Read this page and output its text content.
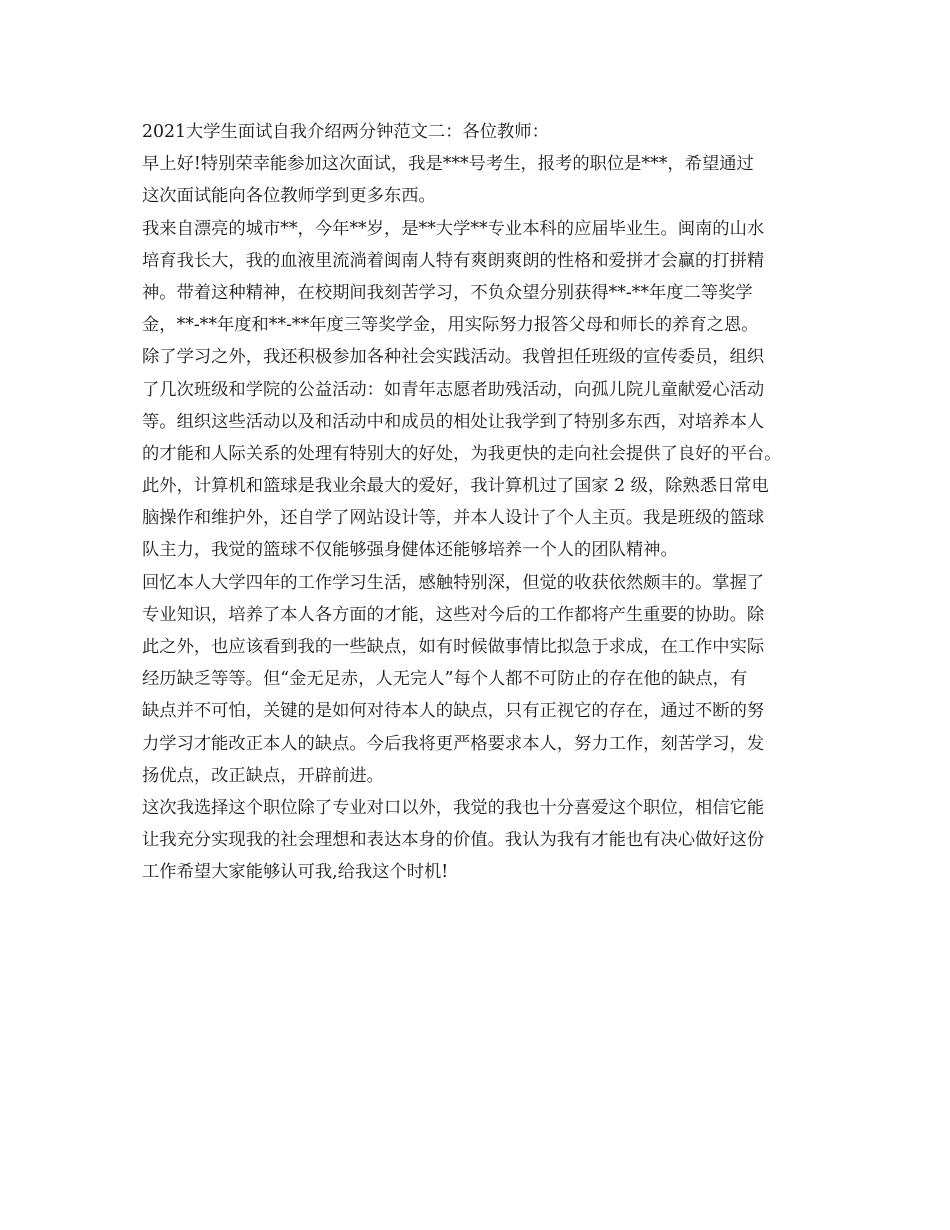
2021大学生面试自我介绍两分钟范文二：各位教师：
早上好!特别荣幸能参加这次面试，我是***号考生，报考的职位是***，希望通过
这次面试能向各位教师学到更多东西。
我来自漂亮的城市**，今年**岁，是**大学**专业本科的应届毕业生。闽南的山水
培育我长大，我的血液里流淌着闽南人特有爽朗爽朗的性格和爱拼才会赢的打拼精
神。带着这种精神，在校期间我刻苦学习，不负众望分别获得**-**年度二等奖学
金，**-**年度和**-**年度三等奖学金，用实际努力报答父母和师长的养育之恩。
除了学习之外，我还积极参加各种社会实践活动。我曾担任班级的宣传委员，组织
了几次班级和学院的公益活动：如青年志愿者助残活动，向孤儿院儿童献爱心活动
等。组织这些活动以及和活动中和成员的相处让我学到了特别多东西，对培养本人
的才能和人际关系的处理有特别大的好处，为我更快的走向社会提供了良好的平台。
此外，计算机和篮球是我业余最大的爱好，我计算机过了国家 2 级，除熟悉日常电
脑操作和维护外，还自学了网站设计等，并本人设计了个人主页。我是班级的篮球
队主力，我觉的篮球不仅能够强身健体还能够培养一个人的团队精神。
回忆本人大学四年的工作学习生活，感触特别深，但觉的收获依然颇丰的。掌握了
专业知识，培养了本人各方面的才能，这些对今后的工作都将产生重要的协助。除
此之外，也应该看到我的一些缺点，如有时候做事情比拟急于求成，在工作中实际
经历缺乏等等。但“金无足赤，人无完人”每个人都不可防止的存在他的缺点，有
缺点并不可怕，关键的是如何对待本人的缺点，只有正视它的存在，通过不断的努
力学习才能改正本人的缺点。今后我将更严格要求本人，努力工作，刻苦学习，发
扬优点，改正缺点，开辟前进。
这次我选择这个职位除了专业对口以外，我觉的我也十分喜爱这个职位，相信它能
让我充分实现我的社会理想和表达本身的价值。我认为我有才能也有决心做好这份
工作希望大家能够认可我,给我这个时机!
